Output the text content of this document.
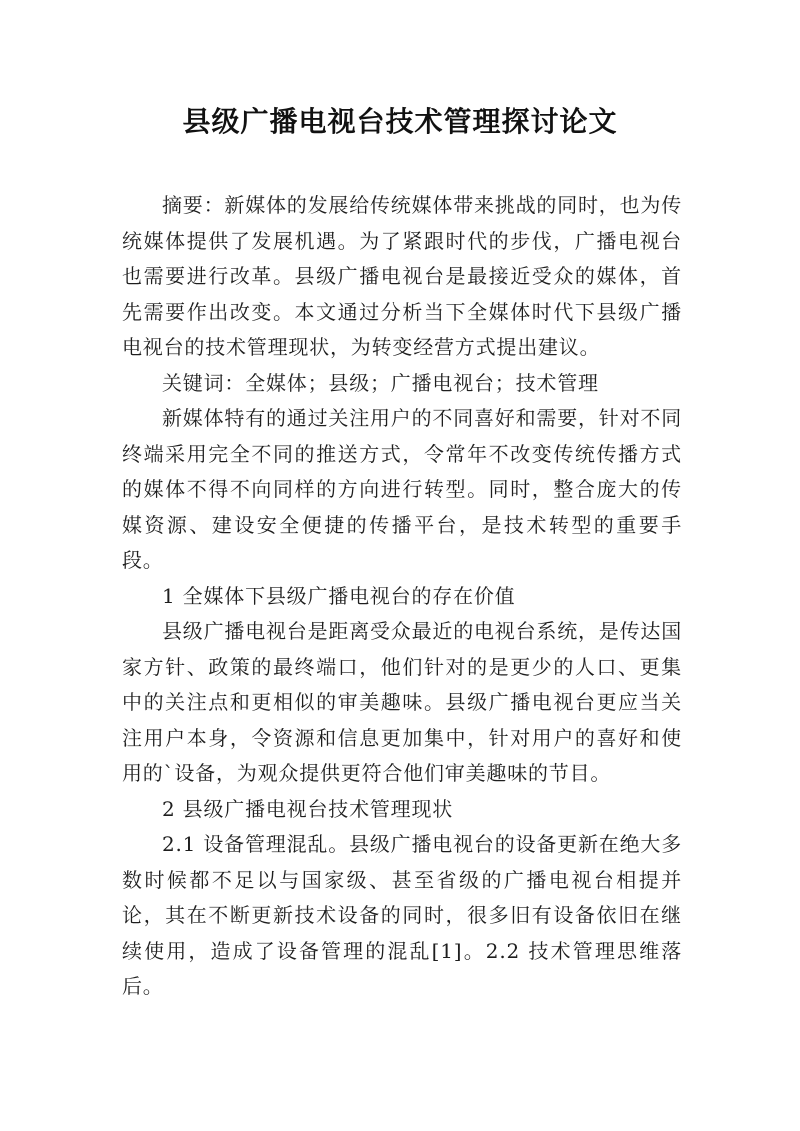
县级广播电视台技术管理探讨论文

摘要：新媒体的发展给传统媒体带来挑战的同时，也为传统媒体提供了发展机遇。为了紧跟时代的步伐，广播电视台也需要进行改革。县级广播电视台是最接近受众的媒体，首先需要作出改变。本文通过分析当下全媒体时代下县级广播电视台的技术管理现状，为转变经营方式提出建议。

关键词：全媒体；县级；广播电视台；技术管理

新媒体特有的通过关注用户的不同喜好和需要，针对不同终端采用完全不同的推送方式，令常年不改变传统传播方式的媒体不得不向同样的方向进行转型。同时，整合庞大的传媒资源、建设安全便捷的传播平台，是技术转型的重要手段。

1 全媒体下县级广播电视台的存在价值

县级广播电视台是距离受众最近的电视台系统，是传达国家方针、政策的最终端口，他们针对的是更少的人口、更集中的关注点和更相似的审美趣味。县级广播电视台更应当关注用户本身，令资源和信息更加集中，针对用户的喜好和使用的`设备，为观众提供更符合他们审美趣味的节目。

2 县级广播电视台技术管理现状

2.1 设备管理混乱。县级广播电视台的设备更新在绝大多数时候都不足以与国家级、甚至省级的广播电视台相提并论，其在不断更新技术设备的同时，很多旧有设备依旧在继续使用，造成了设备管理的混乱[1]。2.2 技术管理思维落后。
